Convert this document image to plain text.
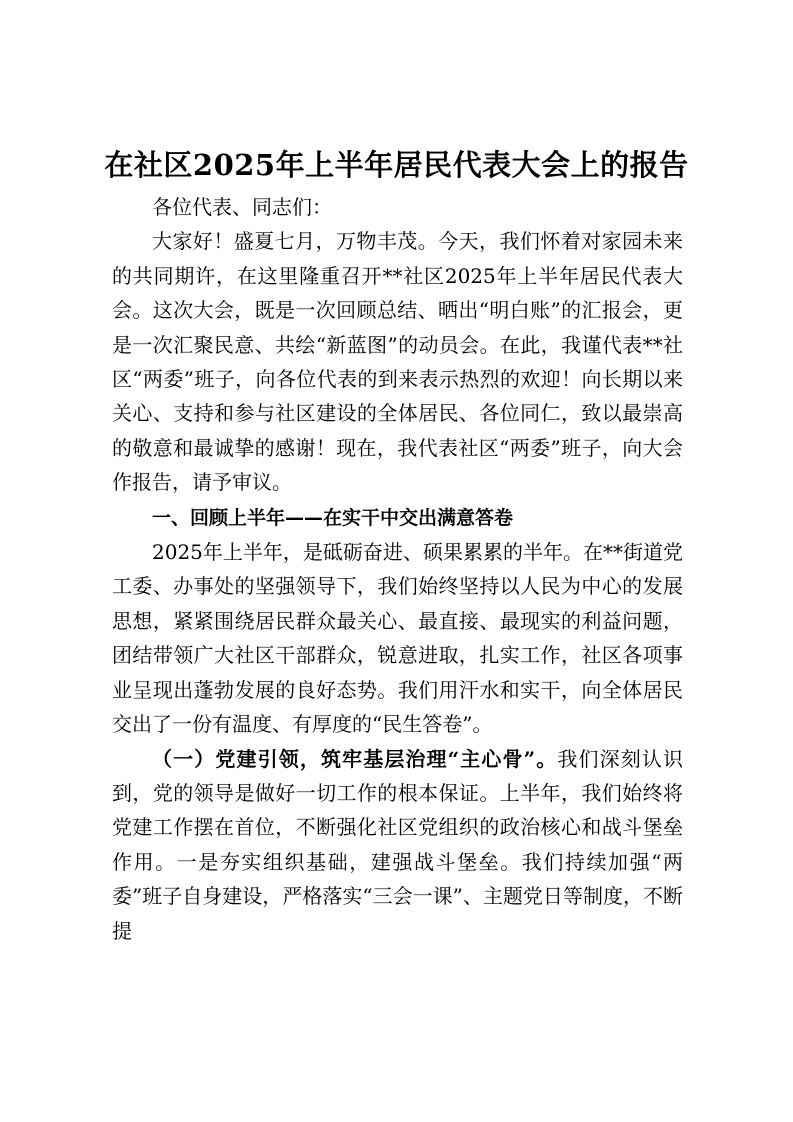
在社区2025年上半年居民代表大会上的报告

各位代表、同志们：

大家好！盛夏七月，万物丰茂。今天，我们怀着对家园未来的共同期许，在这里隆重召开**社区2025年上半年居民代表大会。这次大会，既是一次回顾总结、晒出“明白账”的汇报会，更是一次汇聚民意、共绘“新蓝图”的动员会。在此，我谨代表**社区“两委”班子，向各位代表的到来表示热烈的欢迎！向长期以来关心、支持和参与社区建设的全体居民、各位同仁，致以最崇高的敬意和最诚挚的感谢！现在，我代表社区“两委”班子，向大会作报告，请予审议。

一、回顾上半年——在实干中交出满意答卷

2025年上半年，是砥砺奋进、硕果累累的半年。在**街道党工委、办事处的坚强领导下，我们始终坚持以人民为中心的发展思想，紧紧围绕居民群众最关心、最直接、最现实的利益问题，团结带领广大社区干部群众，锐意进取，扎实工作，社区各项事业呈现出蓬勃发展的良好态势。我们用汗水和实干，向全体居民交出了一份有温度、有厚度的“民生答卷”。

（一）党建引领，筑牢基层治理“主心骨”。我们深刻认识到，党的领导是做好一切工作的根本保证。上半年，我们始终将党建工作摆在首位，不断强化社区党组织的政治核心和战斗堡垒作用。一是夯实组织基础，建强战斗堡垒。我们持续加强“两委”班子自身建设，严格落实“三会一课”、主题党日等制度，不断提
